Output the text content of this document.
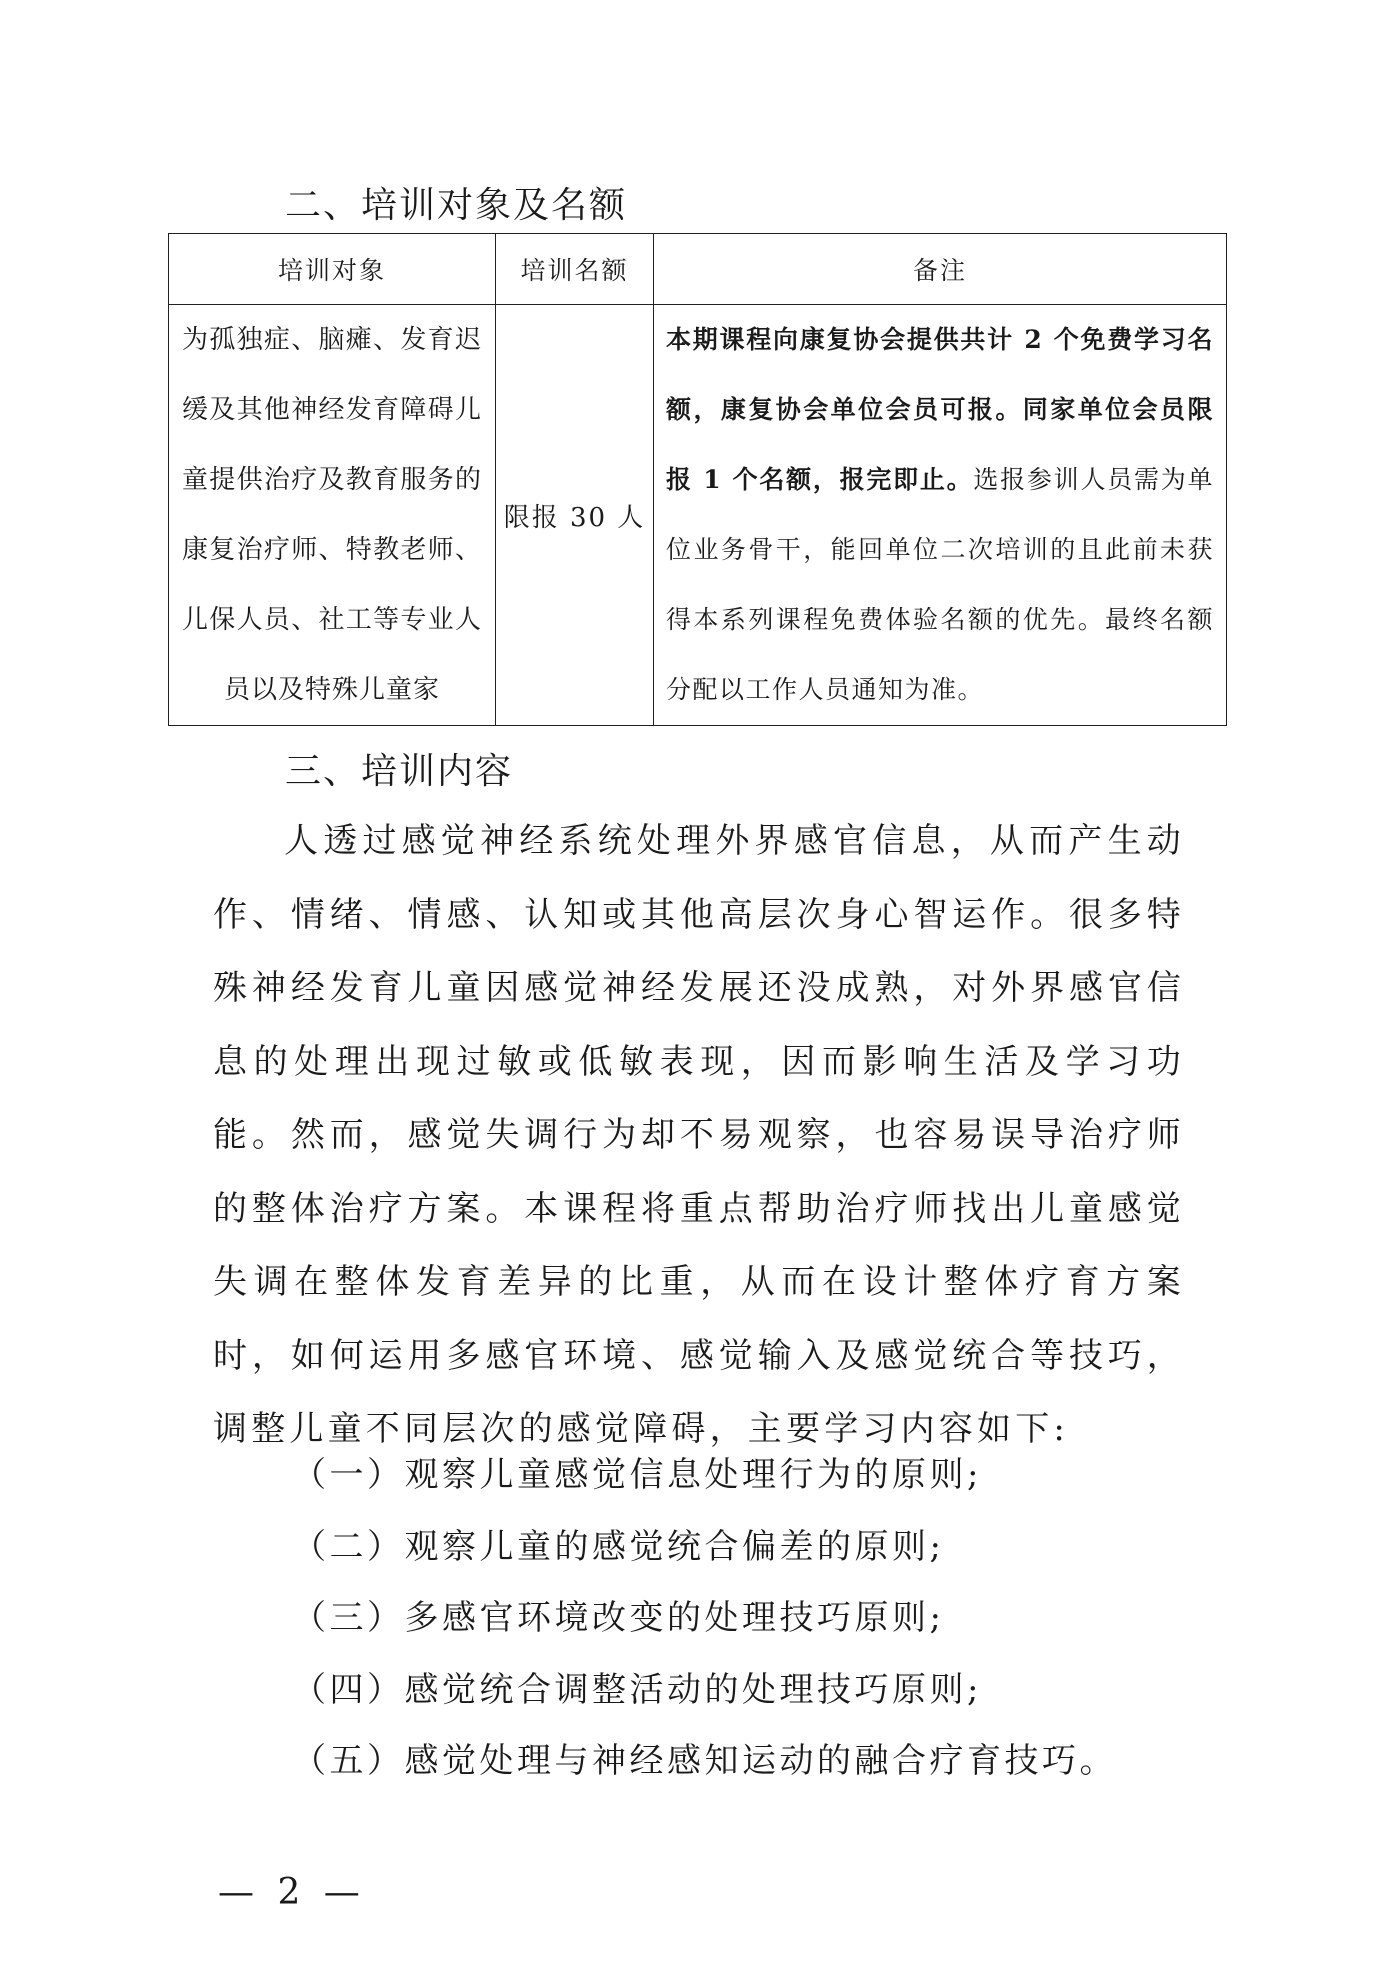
二、培训对象及名额
培训对象	培训名额	备注

为孤独症、脑瘫、发育迟缓及其他神经发育障碍儿童提供治疗及教育服务的康复治疗师、特教老师、儿保人员、社工等专业人员以及特殊儿童家	限报 30 人	本期课程向康复协会提供共计 2 个免费学习名额，康复协会单位会员可报。同家单位会员限报 1 个名额，报完即止。选报参训人员需为单位业务骨干，能回单位二次培训的且此前未获得本系列课程免费体验名额的优先。最终名额分配以工作人员通知为准。
三、培训内容
人透过感觉神经系统处理外界感官信息，从而产生动作、情绪、情感、认知或其他高层次身心智运作。很多特殊神经发育儿童因感觉神经发展还没成熟，对外界感官信息的处理出现过敏或低敏表现，因而影响生活及学习功能。然而，感觉失调行为却不易观察，也容易误导治疗师的整体治疗方案。本课程将重点帮助治疗师找出儿童感觉失调在整体发育差异的比重，从而在设计整体疗育方案时，如何运用多感官环境、感觉输入及感觉统合等技巧，调整儿童不同层次的感觉障碍，主要学习内容如下:
（一）观察儿童感觉信息处理行为的原则;
（二）观察儿童的感觉统合偏差的原则;
（三）多感官环境改变的处理技巧原则;
（四）感觉统合调整活动的处理技巧原则;
（五）感觉处理与神经感知运动的融合疗育技巧。
— 2 —
